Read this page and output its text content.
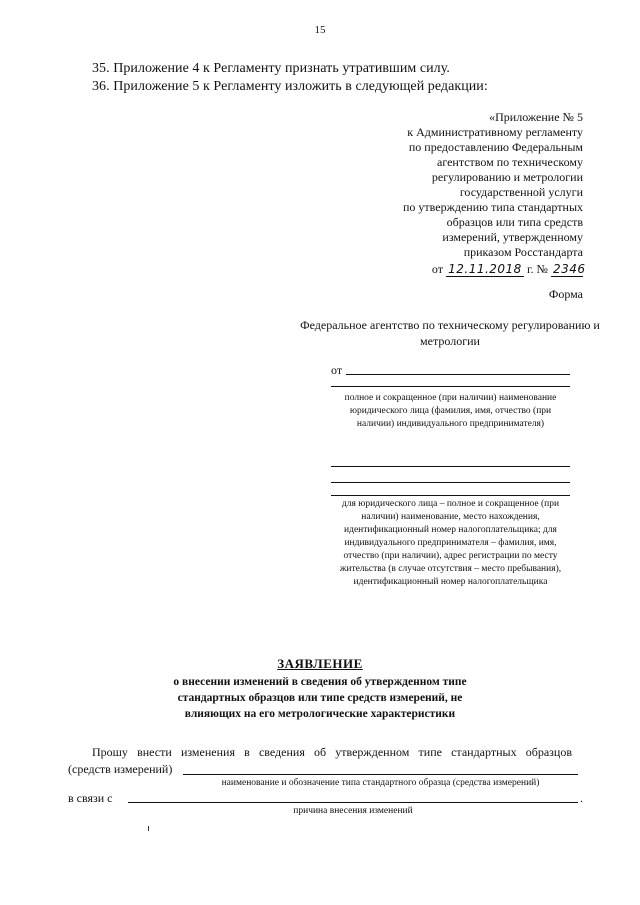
15
35. Приложение 4 к Регламенту признать утратившим силу.
36. Приложение 5 к Регламенту изложить в следующей редакции:
«Приложение № 5
к Административному регламенту
по предоставлению Федеральным
агентством по техническому
регулированию и метрологии
государственной услуги
по утверждению типа стандартных
образцов или типа средств
измерений, утвержденному
приказом Росстандарта
от 12.11.2018 г. № 2346
Форма
Федеральное агентство по техническому регулированию и метрологии
от
полное и сокращенное (при наличии) наименование юридического лица (фамилия, имя, отчество (при наличии) индивидуального предпринимателя)
для юридического лица – полное и сокращенное (при наличии) наименование, место нахождения, идентификационный номер налогоплательщика; для индивидуального предпринимателя – фамилия, имя, отчество (при наличии), адрес регистрации по месту жительства (в случае отсутствия – место пребывания), идентификационный номер налогоплательщика
ЗАЯВЛЕНИЕ
о внесении изменений в сведения об утвержденном типе стандартных образцов или типе средств измерений, не влияющих на его метрологические характеристики
Прошу внести изменения в сведения об утвержденном типе стандартных образцов
(средств измерений)
наименование и обозначение типа стандартного образца (средства измерений)
в связи с	.
причина внесения изменений
